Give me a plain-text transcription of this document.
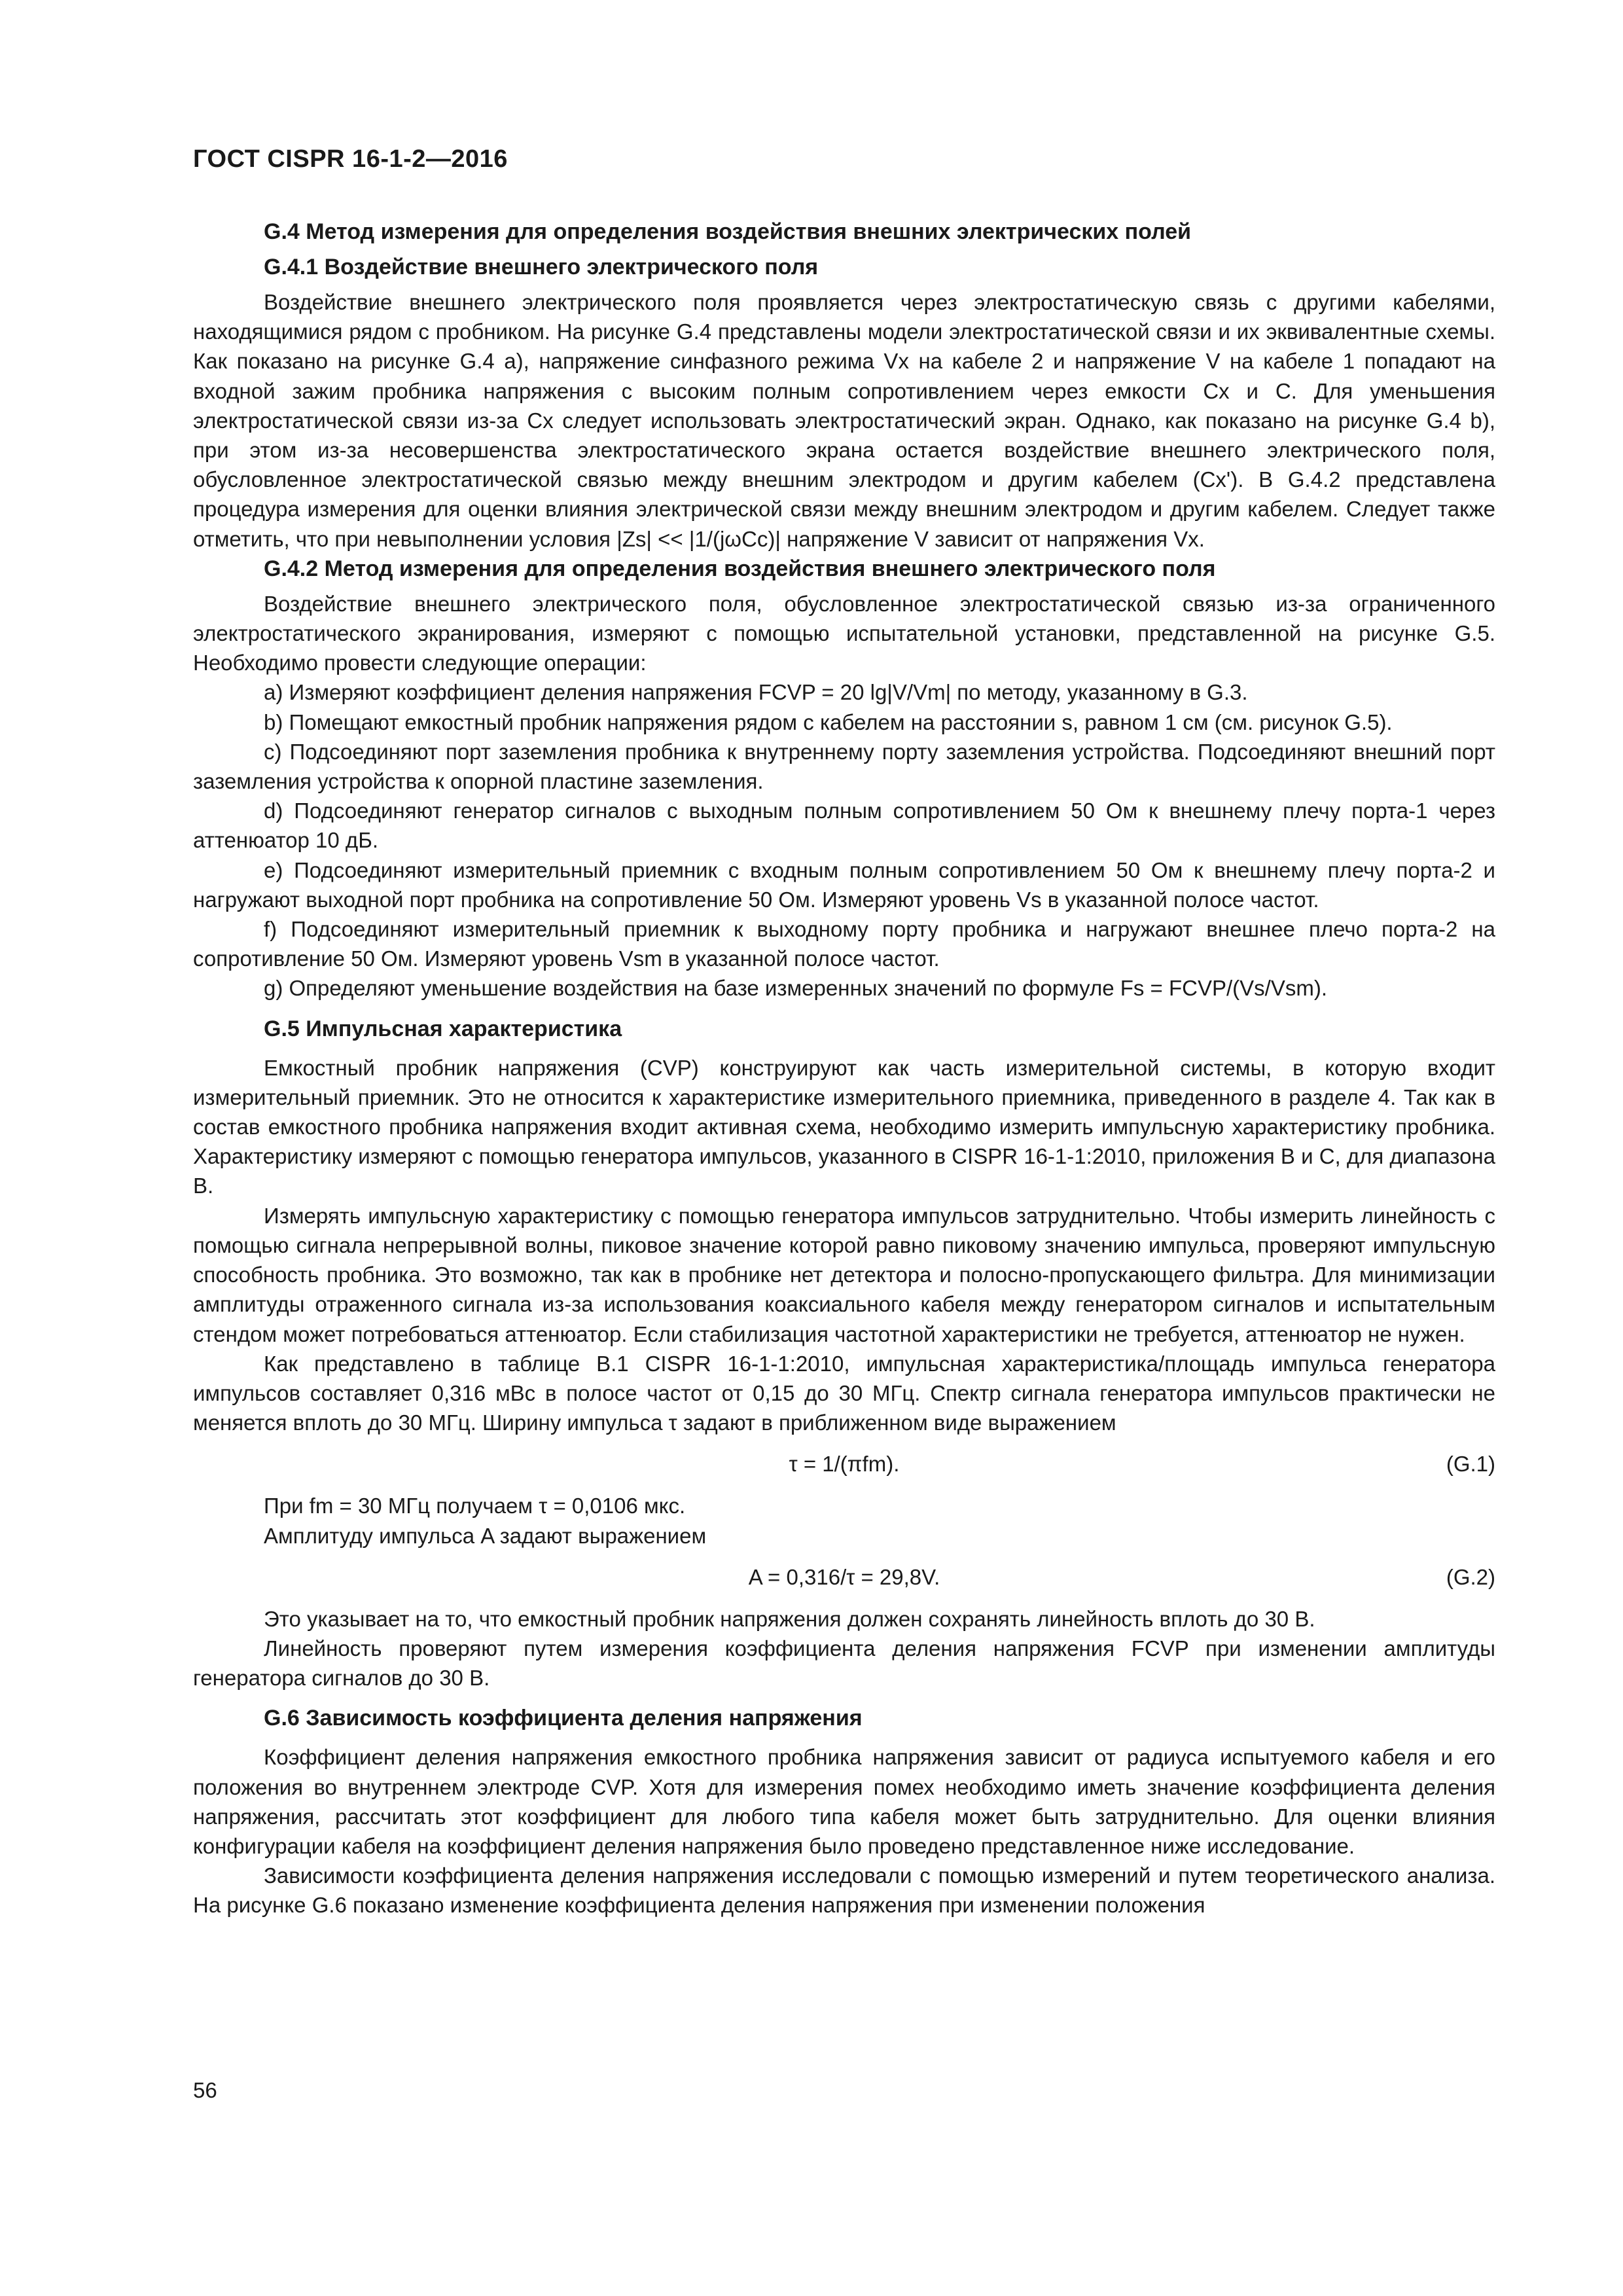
ГОСТ CISPR 16-1-2—2016
G.4 Метод измерения для определения воздействия внешних электрических полей
G.4.1 Воздействие внешнего электрического поля
Воздействие внешнего электрического поля проявляется через электростатическую связь с другими кабелями, находящимися рядом с пробником. На рисунке G.4 представлены модели электростатической связи и их эквивалентные схемы. Как показано на рисунке G.4 a), напряжение синфазного режима Vx на кабеле 2 и напряжение V на кабеле 1 попадают на входной зажим пробника напряжения с высоким полным сопротивлением через емкости Cx и C. Для уменьшения электростатической связи из-за Cx следует использовать электростатический экран. Однако, как показано на рисунке G.4 b), при этом из-за несовершенства электростатического экрана остается воздействие внешнего электрического поля, обусловленное электростатической связью между внешним электродом и другим кабелем (Cx'). В G.4.2 представлена процедура измерения для оценки влияния электрической связи между внешним электродом и другим кабелем. Следует также отметить, что при невыполнении условия |Zs| << |1/(jωCc)| напряжение V зависит от напряжения Vx.
G.4.2 Метод измерения для определения воздействия внешнего электрического поля
Воздействие внешнего электрического поля, обусловленное электростатической связью из-за ограниченного электростатического экранирования, измеряют с помощью испытательной установки, представленной на рисунке G.5. Необходимо провести следующие операции:
a) Измеряют коэффициент деления напряжения FCVP = 20 lg|V/Vm| по методу, указанному в G.3.
b) Помещают емкостный пробник напряжения рядом с кабелем на расстоянии s, равном 1 см (см. рисунок G.5).
c) Подсоединяют порт заземления пробника к внутреннему порту заземления устройства. Подсоединяют внешний порт заземления устройства к опорной пластине заземления.
d) Подсоединяют генератор сигналов с выходным полным сопротивлением 50 Ом к внешнему плечу порта-1 через аттенюатор 10 дБ.
e) Подсоединяют измерительный приемник с входным полным сопротивлением 50 Ом к внешнему плечу порта-2 и нагружают выходной порт пробника на сопротивление 50 Ом. Измеряют уровень Vs в указанной полосе частот.
f) Подсоединяют измерительный приемник к выходному порту пробника и нагружают внешнее плечо порта-2 на сопротивление 50 Ом. Измеряют уровень Vsm в указанной полосе частот.
g) Определяют уменьшение воздействия на базе измеренных значений по формуле Fs = FCVP/(Vs/Vsm).
G.5 Импульсная характеристика
Емкостный пробник напряжения (CVP) конструируют как часть измерительной системы, в которую входит измерительный приемник. Это не относится к характеристике измерительного приемника, приведенного в разделе 4. Так как в состав емкостного пробника напряжения входит активная схема, необходимо измерить импульсную характеристику пробника. Характеристику измеряют с помощью генератора импульсов, указанного в CISPR 16-1-1:2010, приложения B и C, для диапазона B.
Измерять импульсную характеристику с помощью генератора импульсов затруднительно. Чтобы измерить линейность с помощью сигнала непрерывной волны, пиковое значение которой равно пиковому значению импульса, проверяют импульсную способность пробника. Это возможно, так как в пробнике нет детектора и полосно-пропускающего фильтра. Для минимизации амплитуды отраженного сигнала из-за использования коаксиального кабеля между генератором сигналов и испытательным стендом может потребоваться аттенюатор. Если стабилизация частотной характеристики не требуется, аттенюатор не нужен.
Как представлено в таблице B.1 CISPR 16-1-1:2010, импульсная характеристика/площадь импульса генератора импульсов составляет 0,316 мВс в полосе частот от 0,15 до 30 МГц. Спектр сигнала генератора импульсов практически не меняется вплоть до 30 МГц. Ширину импульса τ задают в приближенном виде выражением
τ = 1/(πfm).	(G.1)
При fm = 30 МГц получаем τ = 0,0106 мкс.
Амплитуду импульса A задают выражением
A = 0,316/τ = 29,8V.	(G.2)
Это указывает на то, что емкостный пробник напряжения должен сохранять линейность вплоть до 30 В.
Линейность проверяют путем измерения коэффициента деления напряжения FCVP при изменении амплитуды генератора сигналов до 30 В.
G.6 Зависимость коэффициента деления напряжения
Коэффициент деления напряжения емкостного пробника напряжения зависит от радиуса испытуемого кабеля и его положения во внутреннем электроде CVP. Хотя для измерения помех необходимо иметь значение коэффициента деления напряжения, рассчитать этот коэффициент для любого типа кабеля может быть затруднительно. Для оценки влияния конфигурации кабеля на коэффициент деления напряжения было проведено представленное ниже исследование.
Зависимости коэффициента деления напряжения исследовали с помощью измерений и путем теоретического анализа. На рисунке G.6 показано изменение коэффициента деления напряжения при изменении положения
56
